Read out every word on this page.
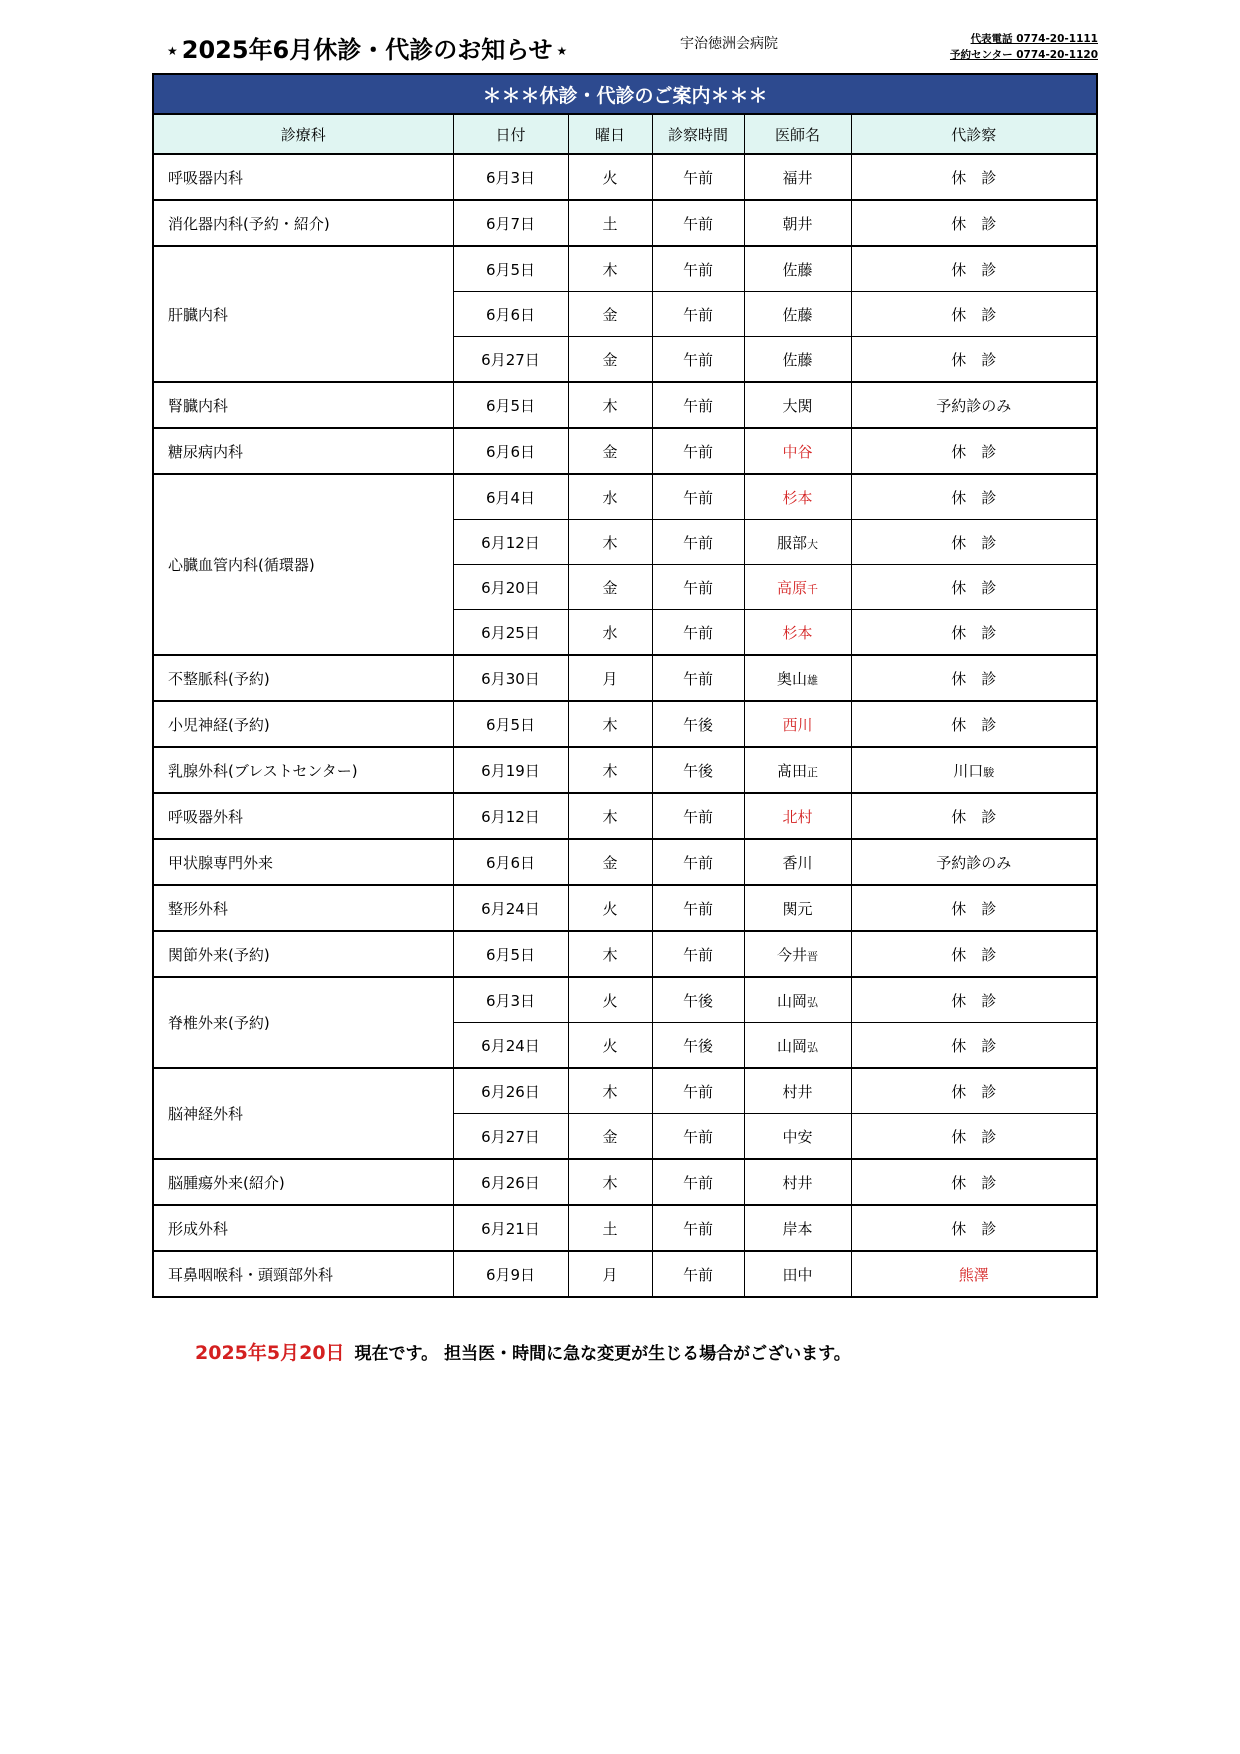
★ 2025年6月休診・代診のお知らせ ★	宇治徳洲会病院	代表電話 0774-20-1111
予約センター 0774-20-1120
＊＊＊休診・代診のご案内＊＊＊					
診療科	日付	曜日	診察時間	医師名	代診察
呼吸器内科	6月3日	火	午前	福井	休　診
消化器内科(予約・紹介)	6月7日	土	午前	朝井	休　診
肝臓内科	6月5日	木	午前	佐藤	休　診
	6月6日	金	午前	佐藤	休　診
	6月27日	金	午前	佐藤	休　診
腎臓内科	6月5日	木	午前	大関	予約診のみ
糖尿病内科	6月6日	金	午前	中谷	休　診
心臓血管内科(循環器)	6月4日	水	午前	杉本	休　診
	6月12日	木	午前	服部大	休　診
	6月20日	金	午前	高原千	休　診
	6月25日	水	午前	杉本	休　診
不整脈科(予約)	6月30日	月	午前	奥山雄	休　診
小児神経(予約)	6月5日	木	午後	西川	休　診
乳腺外科(ブレストセンター)	6月19日	木	午後	髙田正	川口駿
呼吸器外科	6月12日	木	午前	北村	休　診
甲状腺専門外来	6月6日	金	午前	香川	予約診のみ
整形外科	6月24日	火	午前	関元	休　診
関節外来(予約)	6月5日	木	午前	今井晋	休　診
脊椎外来(予約)	6月3日	火	午後	山岡弘	休　診
	6月24日	火	午後	山岡弘	休　診
脳神経外科	6月26日	木	午前	村井	休　診
	6月27日	金	午前	中安	休　診
脳腫瘍外来(紹介)	6月26日	木	午前	村井	休　診
形成外科	6月21日	土	午前	岸本	休　診
耳鼻咽喉科・頭頸部外科	6月9日	月	午前	田中	熊澤
2025年5月20日 現在です。 担当医・時間に急な変更が生じる場合がございます。
